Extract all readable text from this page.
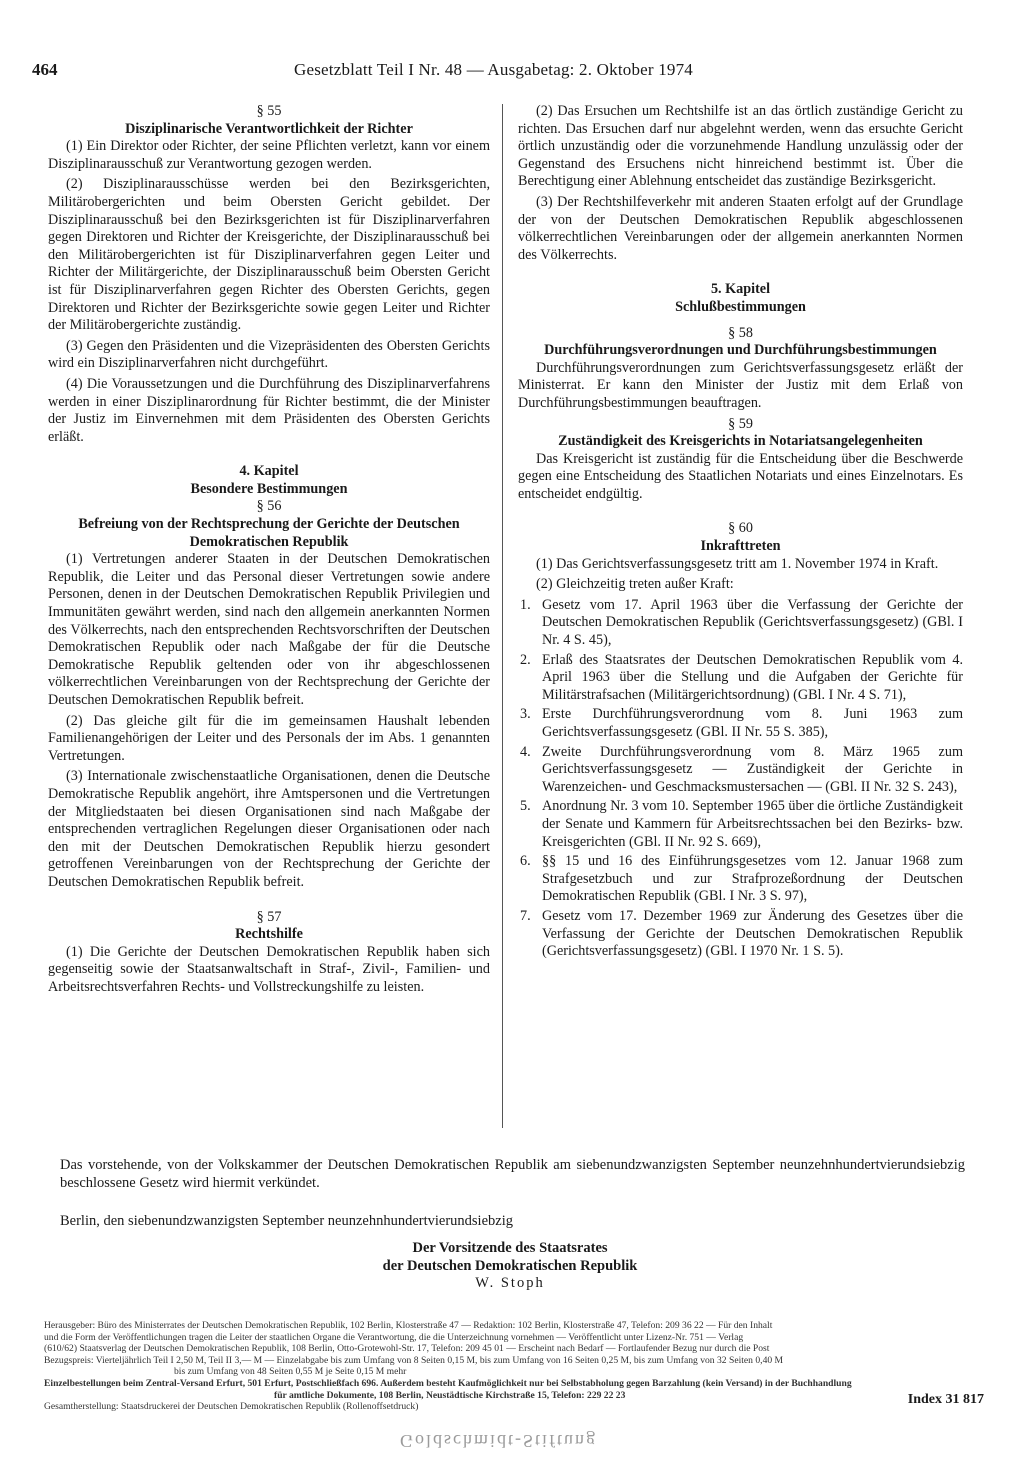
464	Gesetzblatt Teil I Nr. 48 — Ausgabetag: 2. Oktober 1974

§ 55

Disziplinarische Verantwortlichkeit der Richter

(1) Ein Direktor oder Richter, der seine Pflichten verletzt, kann vor einem Disziplinarausschuß zur Verantwortung gezogen werden.

(2) Disziplinarausschüsse werden bei den Bezirksgerichten, Militärobergerichten und beim Obersten Gericht gebildet. Der Disziplinarausschuß bei den Bezirksgerichten ist für Disziplinarverfahren gegen Direktoren und Richter der Kreisgerichte, der Disziplinarausschuß bei den Militärobergerichten ist für Disziplinarverfahren gegen Leiter und Richter der Militärgerichte, der Disziplinarausschuß beim Obersten Gericht ist für Disziplinarverfahren gegen Richter des Obersten Gerichts, gegen Direktoren und Richter der Bezirksgerichte sowie gegen Leiter und Richter der Militärobergerichte zuständig.

(3) Gegen den Präsidenten und die Vizepräsidenten des Obersten Gerichts wird ein Disziplinarverfahren nicht durchgeführt.

(4) Die Voraussetzungen und die Durchführung des Disziplinarverfahrens werden in einer Disziplinarordnung für Richter bestimmt, die der Minister der Justiz im Einvernehmen mit dem Präsidenten des Obersten Gerichts erläßt.

4. Kapitel

Besondere Bestimmungen

§ 56

Befreiung von der Rechtsprechung der Gerichte der Deutschen Demokratischen Republik

(1) Vertretungen anderer Staaten in der Deutschen Demokratischen Republik, die Leiter und das Personal dieser Vertretungen sowie andere Personen, denen in der Deutschen Demokratischen Republik Privilegien und Immunitäten gewährt werden, sind nach den allgemein anerkannten Normen des Völkerrechts, nach den entsprechenden Rechtsvorschriften der Deutschen Demokratischen Republik oder nach Maßgabe der für die Deutsche Demokratische Republik geltenden oder von ihr abgeschlossenen völkerrechtlichen Vereinbarungen von der Rechtsprechung der Gerichte der Deutschen Demokratischen Republik befreit.

(2) Das gleiche gilt für die im gemeinsamen Haushalt lebenden Familienangehörigen der Leiter und des Personals der im Abs. 1 genannten Vertretungen.

(3) Internationale zwischenstaatliche Organisationen, denen die Deutsche Demokratische Republik angehört, ihre Amtspersonen und die Vertretungen der Mitgliedstaaten bei diesen Organisationen sind nach Maßgabe der entsprechenden vertraglichen Regelungen dieser Organisationen oder nach den mit der Deutschen Demokratischen Republik hierzu gesondert getroffenen Vereinbarungen von der Rechtsprechung der Gerichte der Deutschen Demokratischen Republik befreit.

§ 57

Rechtshilfe

(1) Die Gerichte der Deutschen Demokratischen Republik haben sich gegenseitig sowie der Staatsanwaltschaft in Straf-, Zivil-, Familien- und Arbeitsrechtsverfahren Rechts- und Vollstreckungshilfe zu leisten.

(2) Das Ersuchen um Rechtshilfe ist an das örtlich zuständige Gericht zu richten. Das Ersuchen darf nur abgelehnt werden, wenn das ersuchte Gericht örtlich unzuständig oder die vorzunehmende Handlung unzulässig oder der Gegenstand des Ersuchens nicht hinreichend bestimmt ist. Über die Berechtigung einer Ablehnung entscheidet das zuständige Bezirksgericht.

(3) Der Rechtshilfeverkehr mit anderen Staaten erfolgt auf der Grundlage der von der Deutschen Demokratischen Republik abgeschlossenen völkerrechtlichen Vereinbarungen oder der allgemein anerkannten Normen des Völkerrechts.

5. Kapitel

Schlußbestimmungen

§ 58

Durchführungsverordnungen und Durchführungsbestimmungen

Durchführungsverordnungen zum Gerichtsverfassungsgesetz erläßt der Ministerrat. Er kann den Minister der Justiz mit dem Erlaß von Durchführungsbestimmungen beauftragen.

§ 59

Zuständigkeit des Kreisgerichts in Notariatsangelegenheiten

Das Kreisgericht ist zuständig für die Entscheidung über die Beschwerde gegen eine Entscheidung des Staatlichen Notariats und eines Einzelnotars. Es entscheidet endgültig.

§ 60

Inkrafttreten

(1) Das Gerichtsverfassungsgesetz tritt am 1. November 1974 in Kraft.

(2) Gleichzeitig treten außer Kraft:

1. Gesetz vom 17. April 1963 über die Verfassung der Gerichte der Deutschen Demokratischen Republik (Gerichtsverfassungsgesetz) (GBl. I Nr. 4 S. 45),
2. Erlaß des Staatsrates der Deutschen Demokratischen Republik vom 4. April 1963 über die Stellung und die Aufgaben der Gerichte für Militärstrafsachen (Militärgerichtsordnung) (GBl. I Nr. 4 S. 71),
3. Erste Durchführungsverordnung vom 8. Juni 1963 zum Gerichtsverfassungsgesetz (GBl. II Nr. 55 S. 385),
4. Zweite Durchführungsverordnung vom 8. März 1965 zum Gerichtsverfassungsgesetz — Zuständigkeit der Gerichte in Warenzeichen- und Geschmacksmustersachen — (GBl. II Nr. 32 S. 243),
5. Anordnung Nr. 3 vom 10. September 1965 über die örtliche Zuständigkeit der Senate und Kammern für Arbeitsrechtssachen bei den Bezirks- bzw. Kreisgerichten (GBl. II Nr. 92 S. 669),
6. §§ 15 und 16 des Einführungsgesetzes vom 12. Januar 1968 zum Strafgesetzbuch und zur Strafprozeßordnung der Deutschen Demokratischen Republik (GBl. I Nr. 3 S. 97),
7. Gesetz vom 17. Dezember 1969 zur Änderung des Gesetzes über die Verfassung der Gerichte der Deutschen Demokratischen Republik (Gerichtsverfassungsgesetz) (GBl. I 1970 Nr. 1 S. 5).

Das vorstehende, von der Volkskammer der Deutschen Demokratischen Republik am siebenundzwanzigsten September neunzehnhundertvierundsiebzig beschlossene Gesetz wird hiermit verkündet.

Berlin, den siebenundzwanzigsten September neunzehnhundertvierundsiebzig

Der Vorsitzende des Staatsrates
der Deutschen Demokratischen Republik
W. Stoph
Herausgeber: Büro des Ministerrates der Deutschen Demokratischen Republik, 102 Berlin, Klosterstraße 47 — Redaktion: 102 Berlin, Klosterstraße 47, Telefon: 209 36 22 — Für den Inhalt
und die Form der Veröffentlichungen tragen die Leiter der staatlichen Organe die Verantwortung, die die Unterzeichnung vornehmen — Veröffentlicht unter Lizenz-Nr. 751 — Verlag
(610/62) Staatsverlag der Deutschen Demokratischen Republik, 108 Berlin, Otto-Grotewohl-Str. 17, Telefon: 209 45 01 — Erscheint nach Bedarf — Fortlaufender Bezug nur durch die Post
Bezugspreis: Vierteljährlich Teil I 2,50 M, Teil II 3,— M — Einzelabgabe bis zum Umfang von 8 Seiten 0,15 M, bis zum Umfang von 16 Seiten 0,25 M, bis zum Umfang von 32 Seiten 0,40 M
bis zum Umfang von 48 Seiten 0,55 M je Seite 0,15 M mehr
Einzelbestellungen beim Zentral-Versand Erfurt, 501 Erfurt, Postschließfach 696. Außerdem besteht Kaufmöglichkeit nur bei Selbstabholung gegen Barzahlung (kein Versand) in der Buchhandlung
für amtliche Dokumente, 108 Berlin, Neustädtische Kirchstraße 15, Telefon: 229 22 23
Gesamtherstellung: Staatsdruckerei der Deutschen Demokratischen Republik (Rollenoffsetdruck)	Index 31 817
Goldschmidt-Stiftung
